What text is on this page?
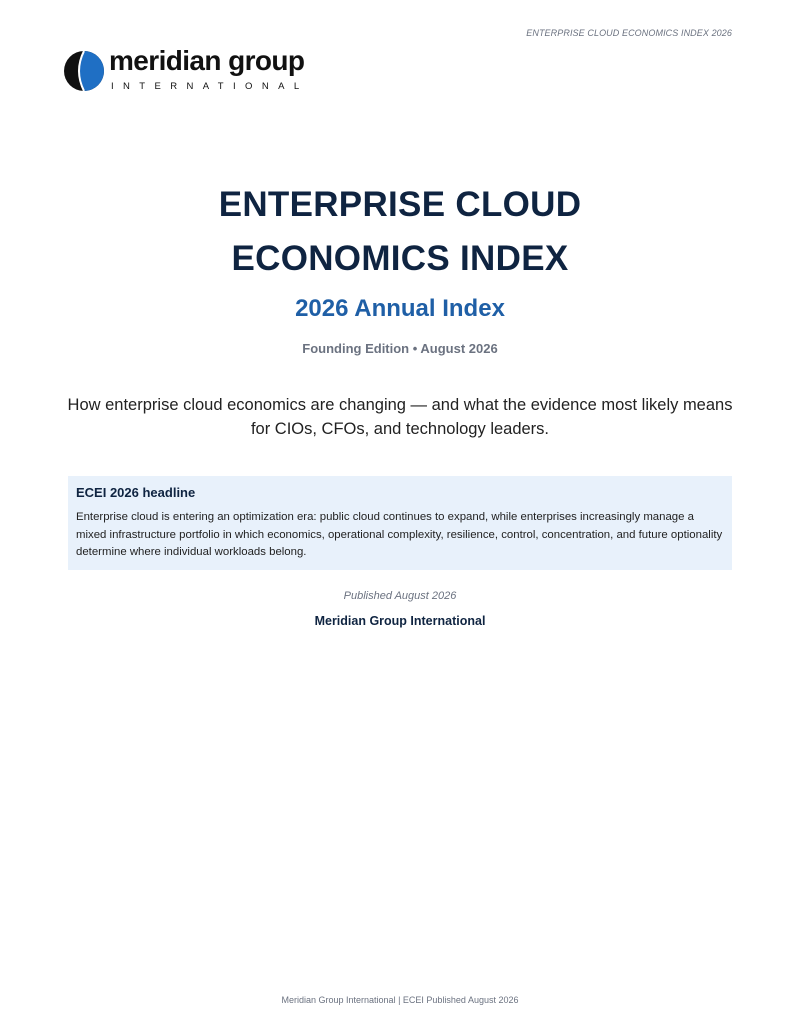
ENTERPRISE CLOUD ECONOMICS INDEX 2026
meridian group
INTERNATIONAL
ENTERPRISE CLOUD
ECONOMICS INDEX
2026 Annual Index
Founding Edition • August 2026
How enterprise cloud economics are changing — and what the evidence most likely means for CIOs, CFOs, and technology leaders.
ECEI 2026 headline
Enterprise cloud is entering an optimization era: public cloud continues to expand, while enterprises increasingly manage a mixed infrastructure portfolio in which economics, operational complexity, resilience, control, concentration, and future optionality determine where individual workloads belong.
Published August 2026
Meridian Group International
Meridian Group International | ECEI Published August 2026
